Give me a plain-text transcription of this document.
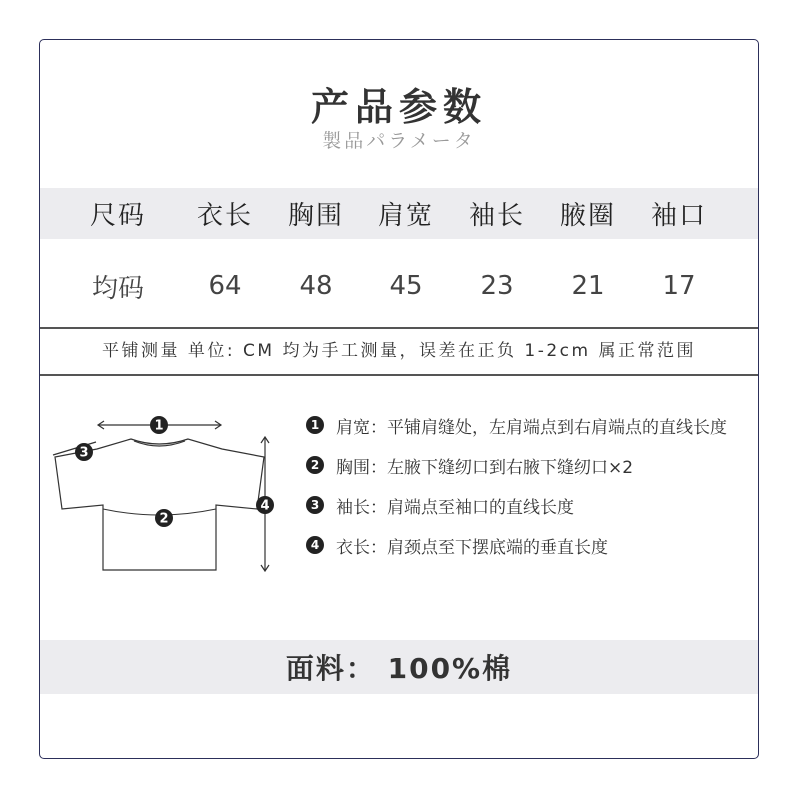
产品参数
製品パラメータ
尺码 衣长 胸围 肩宽 袖长 腋圈 袖口
均码 64 48 45 23 21 17
平铺测量 单位: CM 均为手工测量，误差在正负 1-2cm 属正常范围
1
3
2
4
1 肩宽：平铺肩缝处，左肩端点到右肩端点的直线长度
2 胸围：左腋下缝纫口到右腋下缝纫口×2
3 袖长：肩端点至袖口的直线长度
4 衣长：肩颈点至下摆底端的垂直长度
面料： 100%棉
